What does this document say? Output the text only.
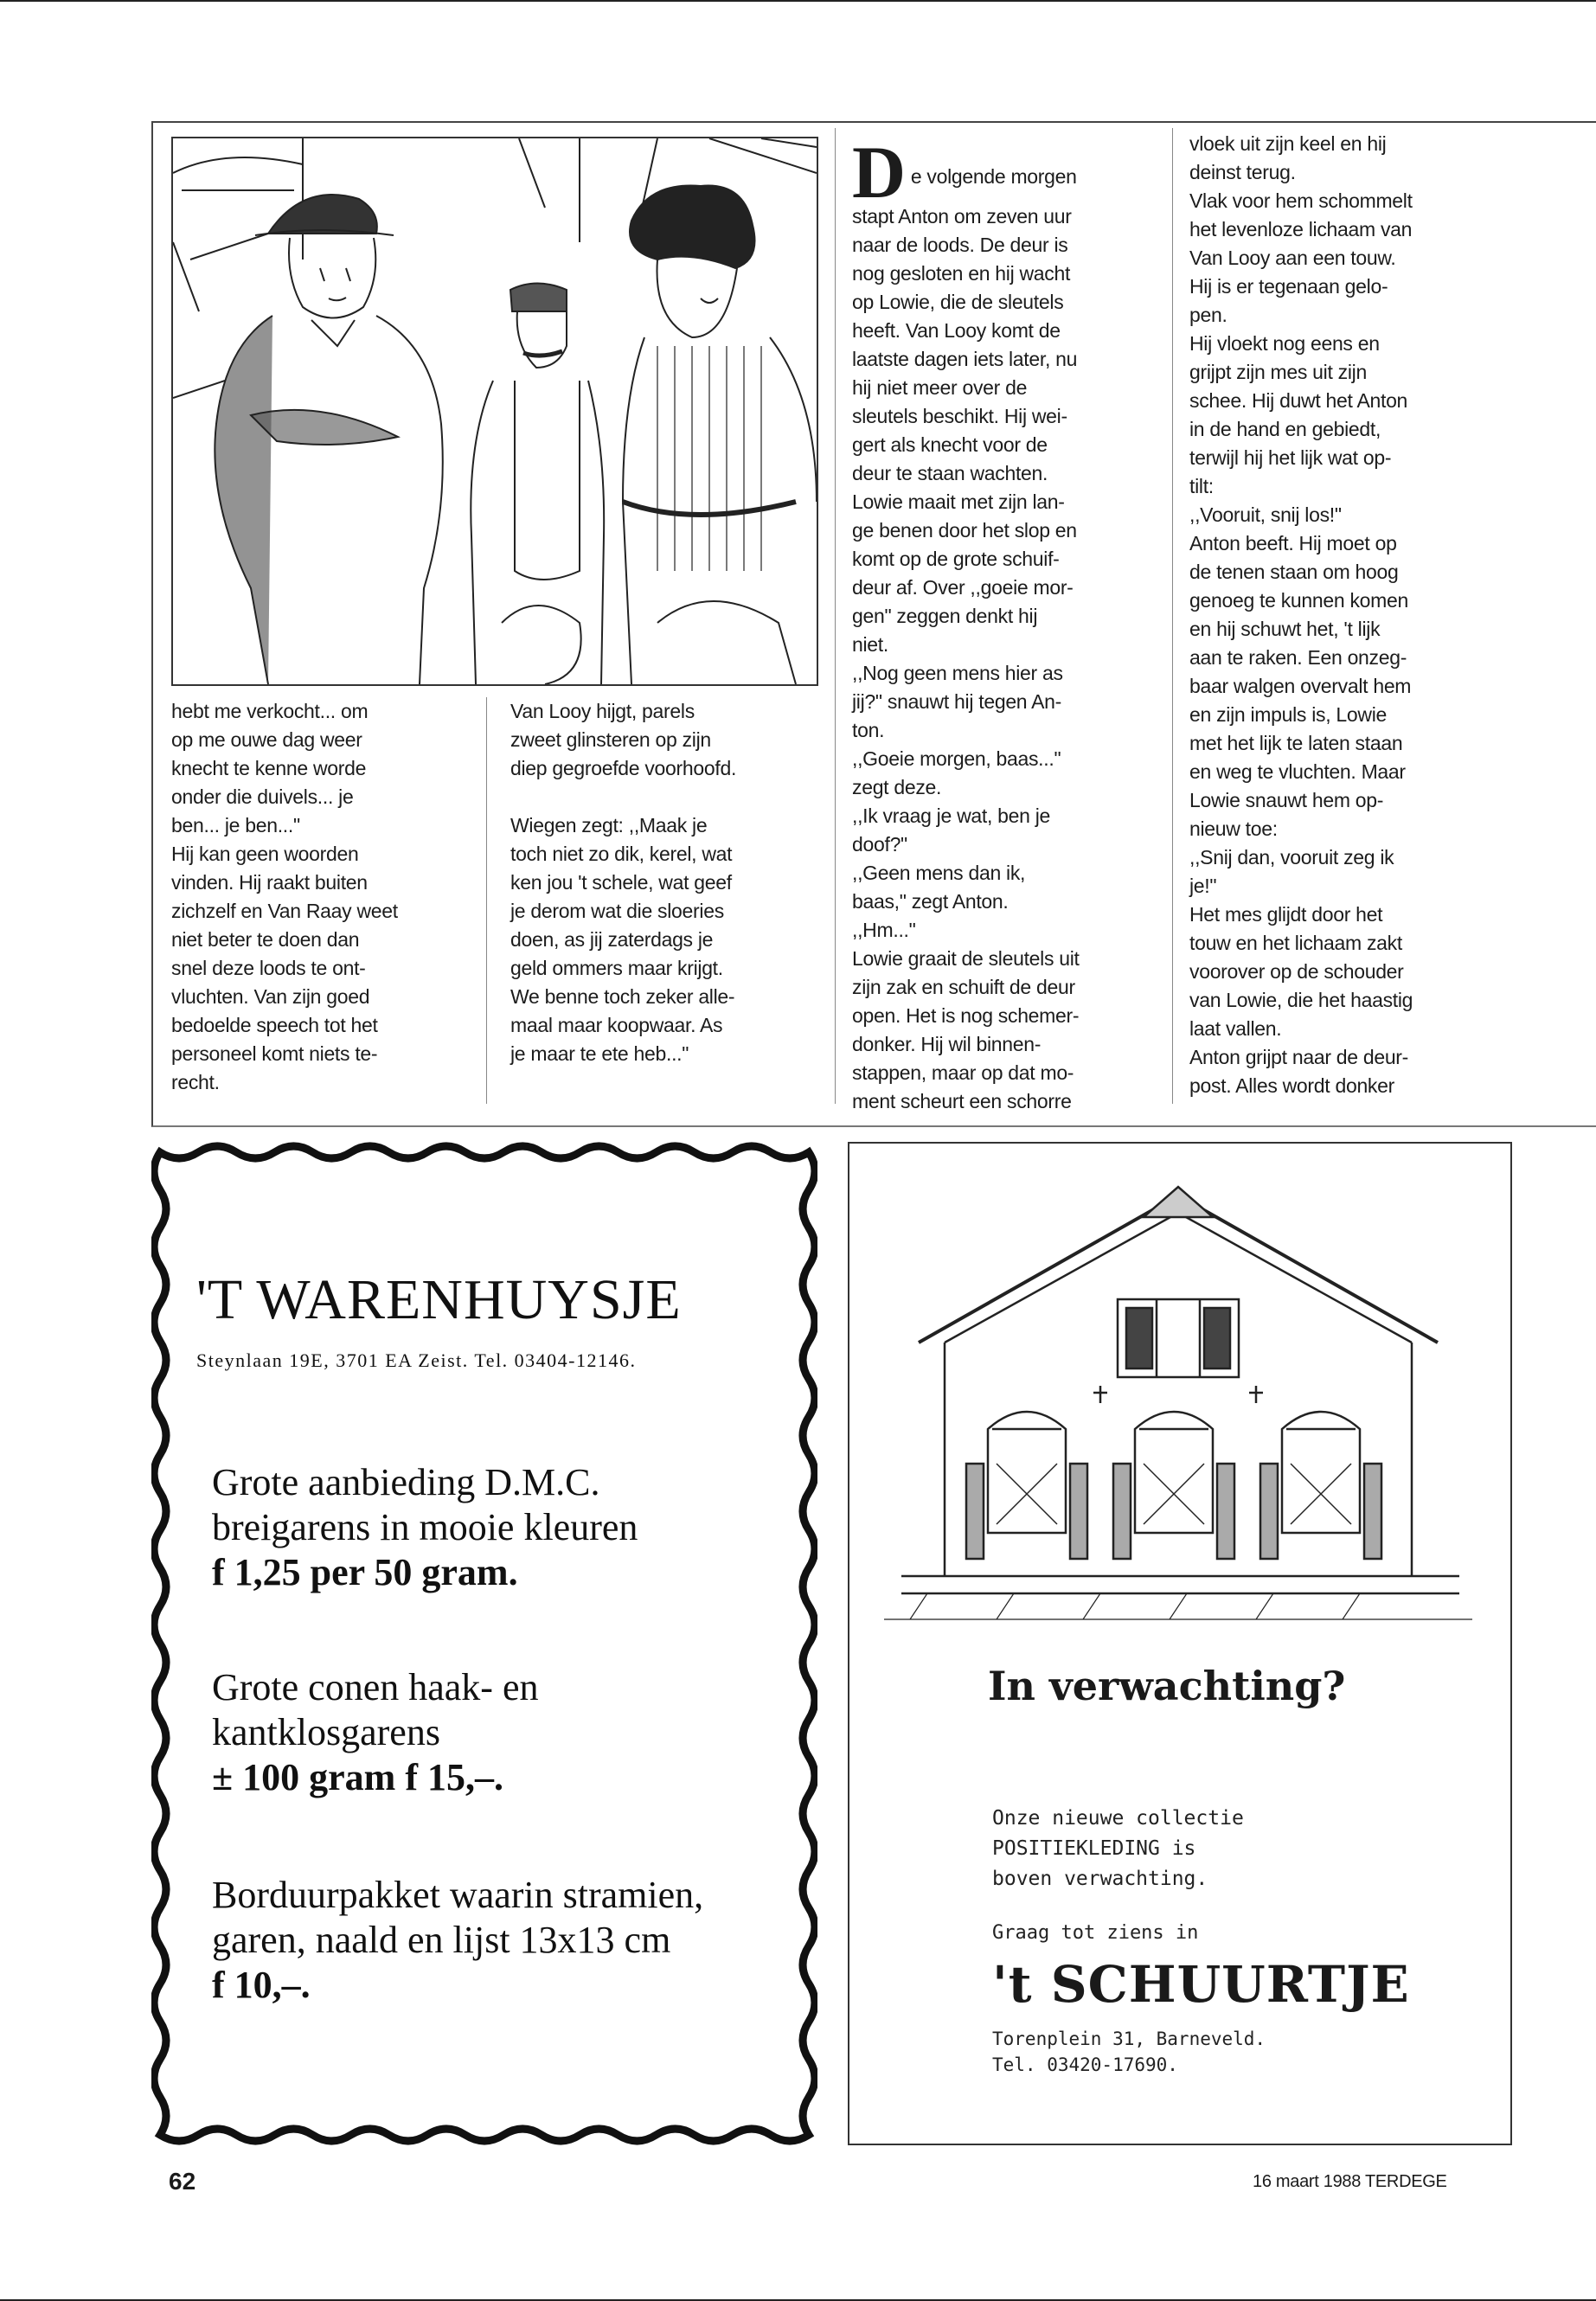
hebt me verkocht... om
op me ouwe dag weer
knecht te kenne worde
onder die duivels... je
ben... je ben..."
Hij kan geen woorden
vinden. Hij raakt buiten
zichzelf en Van Raay weet
niet beter te doen dan
snel deze loods te ont-
vluchten. Van zijn goed
bedoelde speech tot het
personeel komt niets te-
recht.

Van Looy hijgt, parels
zweet glinsteren op zijn
diep gegroefde voorhoofd.

Wiegen zegt: ,,Maak je
toch niet zo dik, kerel, wat
ken jou 't schele, wat geef
je derom wat die sloeries
doen, as jij zaterdags je
geld ommers maar krijgt.
We benne toch zeker alle-
maal maar koopwaar. As
je maar te ete heb..."

D e volgende morgen

stapt Anton om zeven uur
naar de loods. De deur is
nog gesloten en hij wacht
op Lowie, die de sleutels
heeft. Van Looy komt de
laatste dagen iets later, nu
hij niet meer over de
sleutels beschikt. Hij wei-
gert als knecht voor de
deur te staan wachten.
Lowie maait met zijn lan-
ge benen door het slop en
komt op de grote schuif-
deur af. Over ,,goeie mor-
gen" zeggen denkt hij
niet.
,,Nog geen mens hier as
jij?" snauwt hij tegen An-
ton.
,,Goeie morgen, baas..."
zegt deze.
,,Ik vraag je wat, ben je
doof?"
,,Geen mens dan ik,
baas," zegt Anton.
,,Hm..."
Lowie graait de sleutels uit
zijn zak en schuift de deur
open. Het is nog schemer-
donker. Hij wil binnen-
stappen, maar op dat mo-
ment scheurt een schorre

vloek uit zijn keel en hij
deinst terug.
Vlak voor hem schommelt
het levenloze lichaam van
Van Looy aan een touw.
Hij is er tegenaan gelo-
pen.
Hij vloekt nog eens en
grijpt zijn mes uit zijn
schee. Hij duwt het Anton
in de hand en gebiedt,
terwijl hij het lijk wat op-
tilt:
,,Vooruit, snij los!"
Anton beeft. Hij moet op
de tenen staan om hoog
genoeg te kunnen komen
en hij schuwt het, 't lijk
aan te raken. Een onzeg-
baar walgen overvalt hem
en zijn impuls is, Lowie
met het lijk te laten staan
en weg te vluchten. Maar
Lowie snauwt hem op-
nieuw toe:
,,Snij dan, vooruit zeg ik
je!"
Het mes glijdt door het
touw en het lichaam zakt
voorover op de schouder
van Lowie, die het haastig
laat vallen.
Anton grijpt naar de deur-
post. Alles wordt donker

'T WARENHUYSJE
Steynlaan 19E, 3701 EA Zeist. Tel. 03404-12146.
Grote aanbieding D.M.C.
breigarens in mooie kleuren
f 1,25 per 50 gram.
Grote conen haak- en
kantklosgarens
± 100 gram f 15,–.
Borduurpakket waarin stramien,
garen, naald en lijst 13x13 cm
f 10,–.
In verwachting?
Onze nieuwe collectie
POSITIEKLEDING is
boven verwachting.
Graag tot ziens in
't SCHUURTJE
Torenplein 31, Barneveld.
Tel. 03420-17690.
62	16 maart 1988 TERDEGE
